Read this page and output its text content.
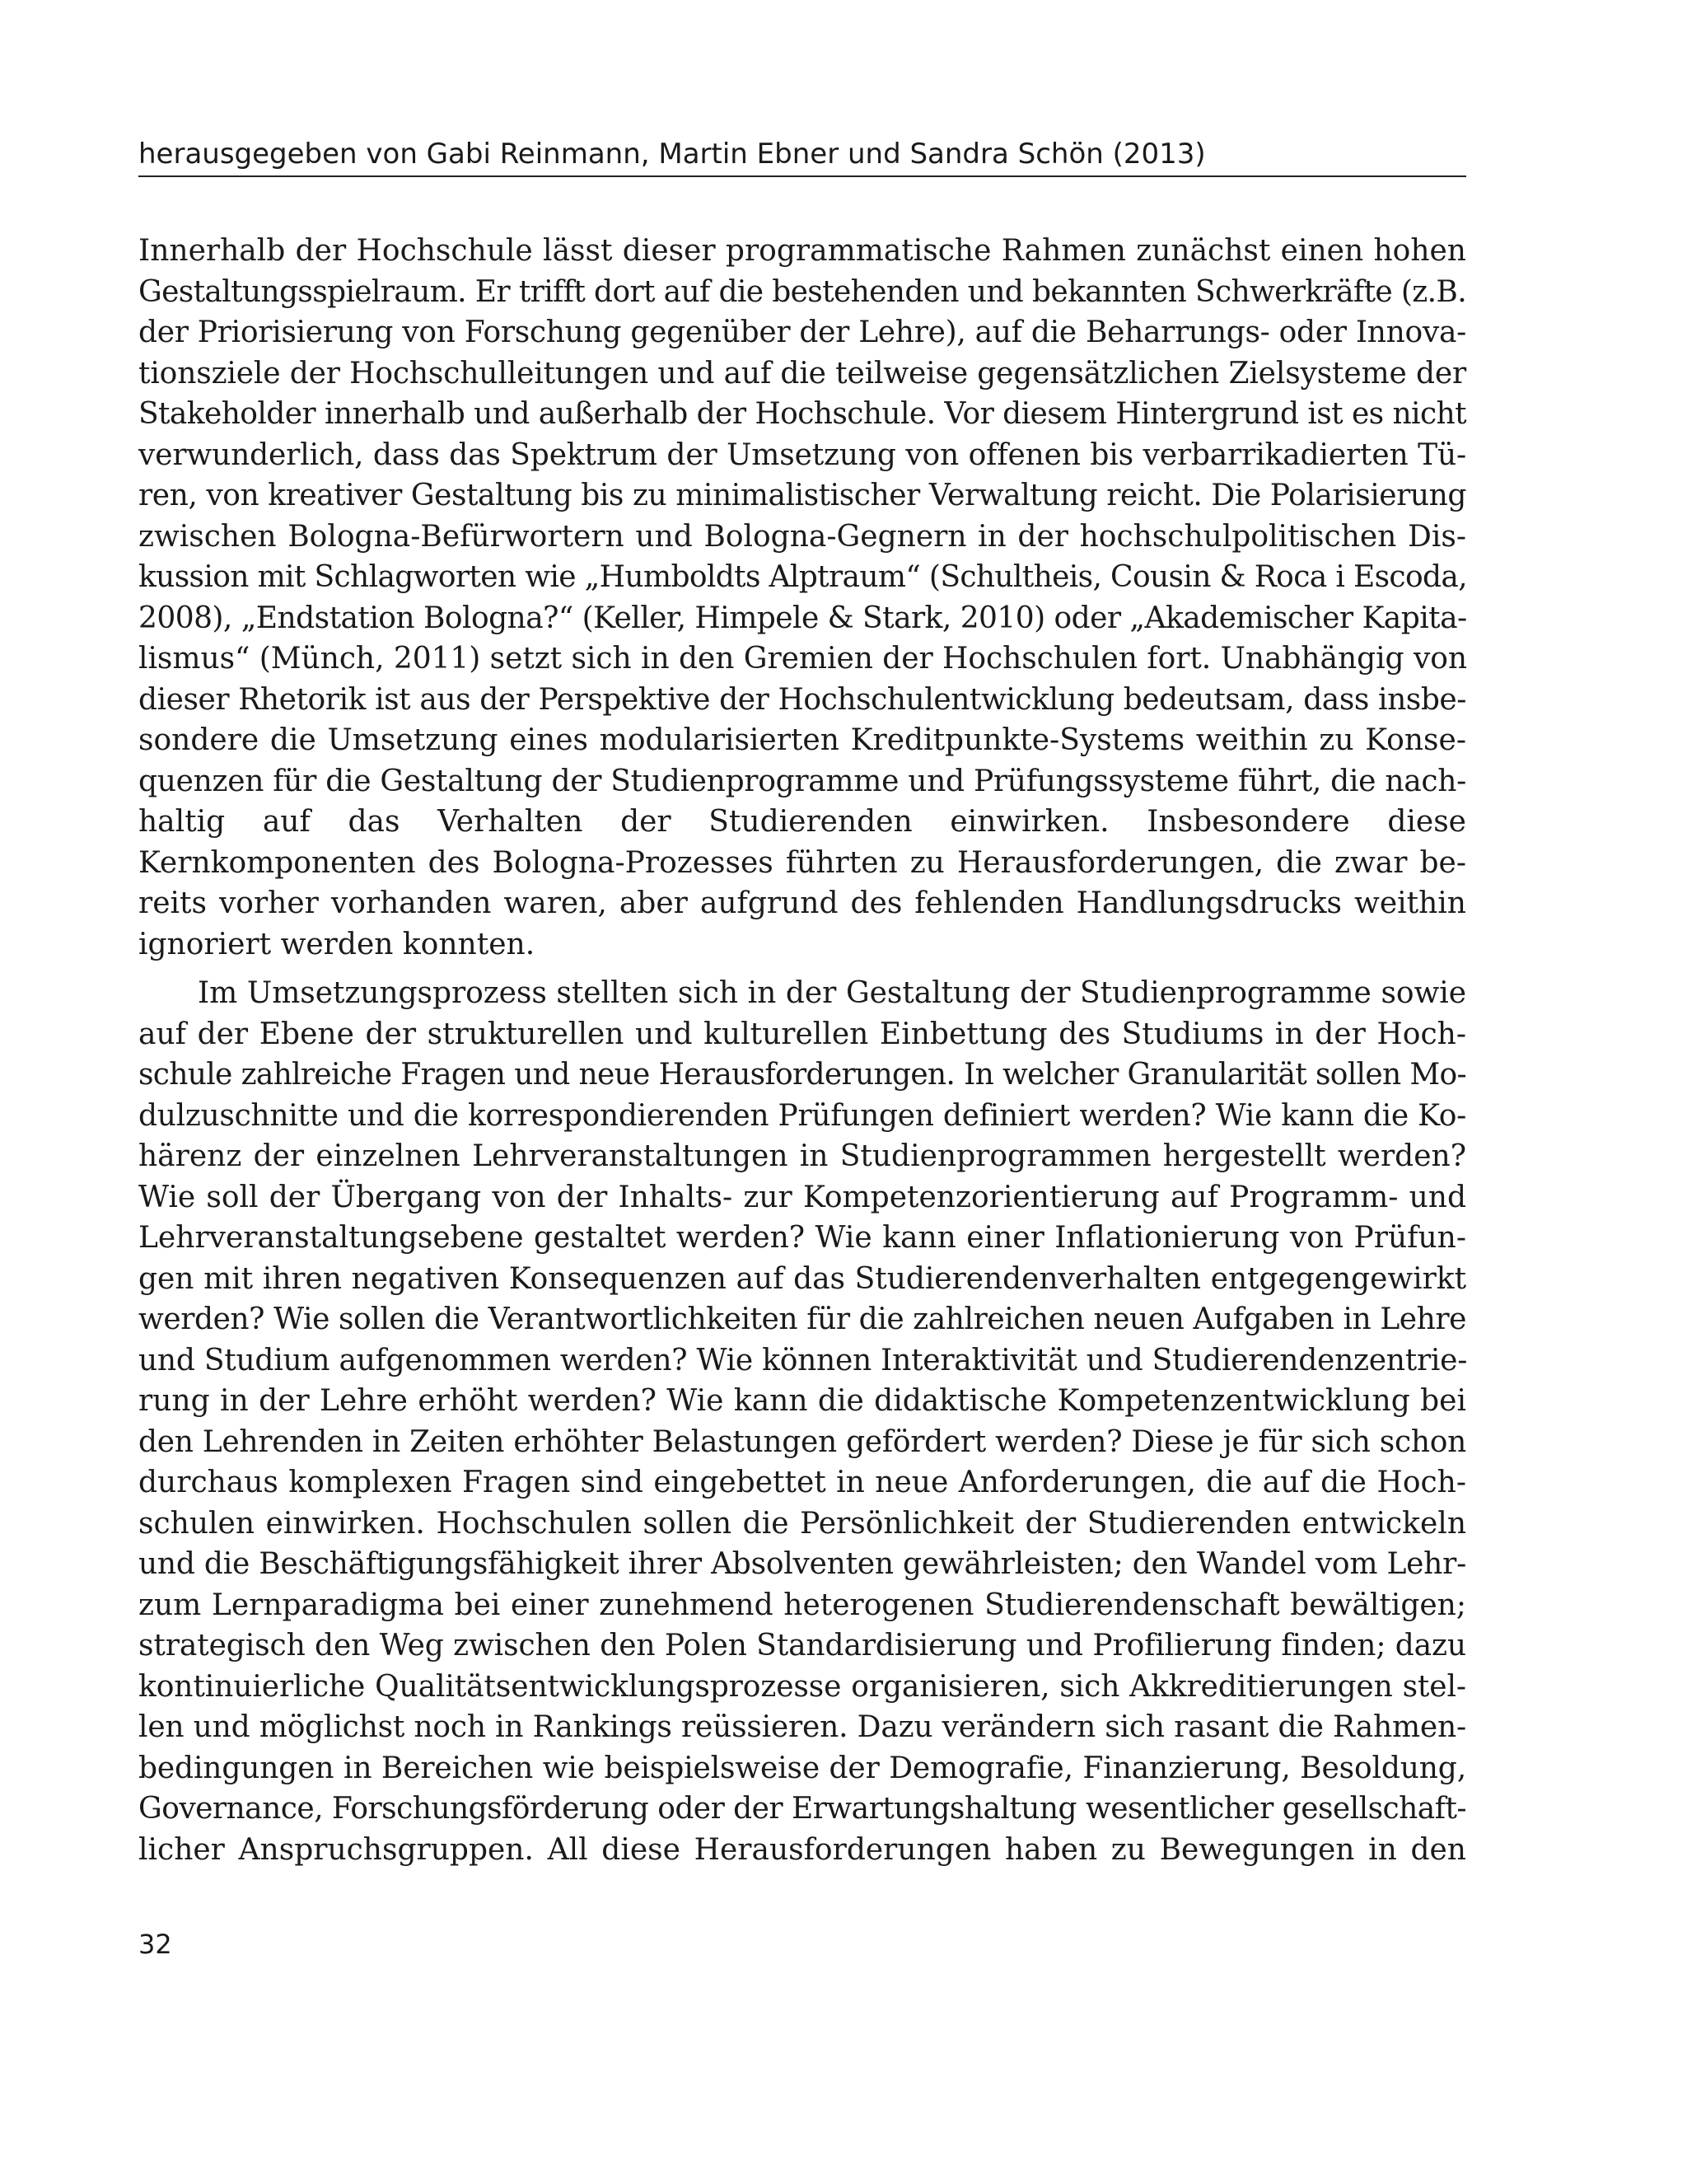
herausgegeben von Gabi Reinmann, Martin Ebner und Sandra Schön (2013)
Innerhalb der Hochschule lässt dieser programmatische Rahmen zunächst einen hohen
Gestaltungsspielraum. Er trifft dort auf die bestehenden und bekannten Schwerkräfte (z.B.
der Priorisierung von Forschung gegenüber der Lehre), auf die Beharrungs- oder Innova-
tionsziele der Hochschulleitungen und auf die teilweise gegensätzlichen Zielsysteme der
Stakeholder innerhalb und außerhalb der Hochschule. Vor diesem Hintergrund ist es nicht
verwunderlich, dass das Spektrum der Umsetzung von offenen bis verbarrikadierten Tü-
ren, von kreativer Gestaltung bis zu minimalistischer Verwaltung reicht. Die Polarisierung
zwischen Bologna-Befürwortern und Bologna-Gegnern in der hochschulpolitischen Dis-
kussion mit Schlagworten wie „Humboldts Alptraum“ (Schultheis, Cousin & Roca i Escoda,
2008), „Endstation Bologna?“ (Keller, Himpele & Stark, 2010) oder „Akademischer Kapita-
lismus“ (Münch, 2011) setzt sich in den Gremien der Hochschulen fort. Unabhängig von
dieser Rhetorik ist aus der Perspektive der Hochschulentwicklung bedeutsam, dass insbe-
sondere die Umsetzung eines modularisierten Kreditpunkte-Systems weithin zu Konse-
quenzen für die Gestaltung der Studienprogramme und Prüfungssysteme führt, die nach-
haltig auf das Verhalten der Studierenden einwirken. Insbesondere diese
Kernkomponenten des Bologna-Prozesses führten zu Herausforderungen, die zwar be-
reits vorher vorhanden waren, aber aufgrund des fehlenden Handlungsdrucks weithin
ignoriert werden konnten.
Im Umsetzungsprozess stellten sich in der Gestaltung der Studienprogramme sowie
auf der Ebene der strukturellen und kulturellen Einbettung des Studiums in der Hoch-
schule zahlreiche Fragen und neue Herausforderungen. In welcher Granularität sollen Mo-
dulzuschnitte und die korrespondierenden Prüfungen definiert werden? Wie kann die Ko-
härenz der einzelnen Lehrveranstaltungen in Studienprogrammen hergestellt werden?
Wie soll der Übergang von der Inhalts- zur Kompetenzorientierung auf Programm- und
Lehrveranstaltungsebene gestaltet werden? Wie kann einer Inflationierung von Prüfun-
gen mit ihren negativen Konsequenzen auf das Studierendenverhalten entgegengewirkt
werden? Wie sollen die Verantwortlichkeiten für die zahlreichen neuen Aufgaben in Lehre
und Studium aufgenommen werden? Wie können Interaktivität und Studierendenzentrie-
rung in der Lehre erhöht werden? Wie kann die didaktische Kompetenzentwicklung bei
den Lehrenden in Zeiten erhöhter Belastungen gefördert werden? Diese je für sich schon
durchaus komplexen Fragen sind eingebettet in neue Anforderungen, die auf die Hoch-
schulen einwirken. Hochschulen sollen die Persönlichkeit der Studierenden entwickeln
und die Beschäftigungsfähigkeit ihrer Absolventen gewährleisten; den Wandel vom Lehr-
zum Lernparadigma bei einer zunehmend heterogenen Studierendenschaft bewältigen;
strategisch den Weg zwischen den Polen Standardisierung und Profilierung finden; dazu
kontinuierliche Qualitätsentwicklungsprozesse organisieren, sich Akkreditierungen stel-
len und möglichst noch in Rankings reüssieren. Dazu verändern sich rasant die Rahmen-
bedingungen in Bereichen wie beispielsweise der Demografie, Finanzierung, Besoldung,
Governance, Forschungsförderung oder der Erwartungshaltung wesentlicher gesellschaft-
licher Anspruchsgruppen. All diese Herausforderungen haben zu Bewegungen in den
32
